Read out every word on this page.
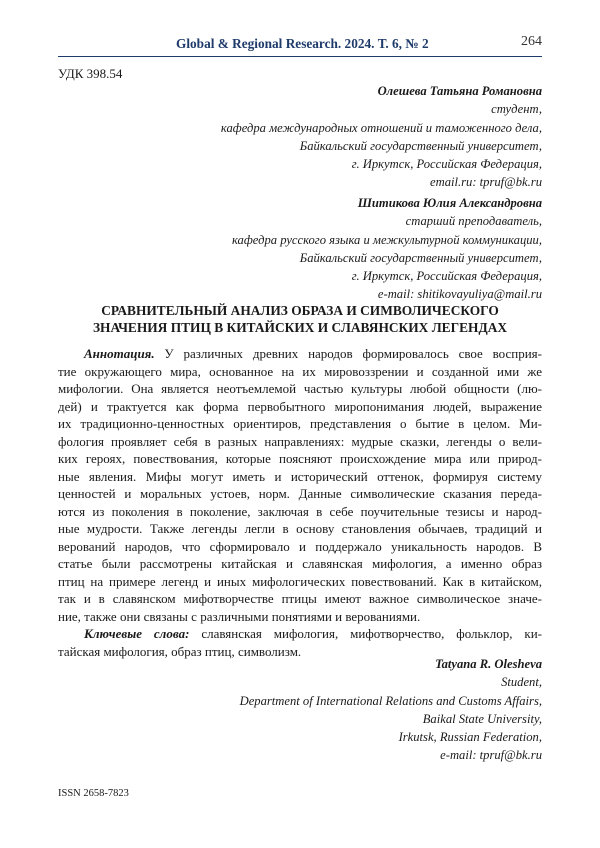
Global & Regional Research. 2024. Т. 6, № 2	264
УДК 398.54
Олешева Татьяна Романовна
студент,
кафедра международных отношений и таможенного дела,
Байкальский государственный университет,
г. Иркутск, Российская Федерация,
email.ru: tpruf@bk.ru
Шитикова Юлия Александровна
старший преподаватель,
кафедра русского языка и межкультурной коммуникации,
Байкальский государственный университет,
г. Иркутск, Российская Федерация,
e-mail: shitikovayuliya@mail.ru
СРАВНИТЕЛЬНЫЙ АНАЛИЗ ОБРАЗА И СИМВОЛИЧЕСКОГО
ЗНАЧЕНИЯ ПТИЦ В КИТАЙСКИХ И СЛАВЯНСКИХ ЛЕГЕНДАХ
Аннотация. У различных древних народов формировалось свое восприя-
тие окружающего мира, основанное на их мировоззрении и созданной ими же
мифологии. Она является неотъемлемой частью культуры любой общности (лю-
дей) и трактуется как форма первобытного миропонимания людей, выражение
их традиционно-ценностных ориентиров, представления о бытие в целом. Ми-
фология проявляет себя в разных направлениях: мудрые сказки, легенды о вели-
ких героях, повествования, которые поясняют происхождение мира или природ-
ные явления. Мифы могут иметь и исторический оттенок, формируя систему
ценностей и моральных устоев, норм. Данные символические сказания переда-
ются из поколения в поколение, заключая в себе поучительные тезисы и народ-
ные мудрости. Также легенды легли в основу становления обычаев, традиций и
верований народов, что сформировало и поддержало уникальность народов. В
статье были рассмотрены китайская и славянская мифология, а именно образ
птиц на примере легенд и иных мифологических повествований. Как в китайском,
так и в славянском мифотворчестве птицы имеют важное символическое значе-
ние, также они связаны с различными понятиями и верованиями.
Ключевые слова: славянская мифология, мифотворчество, фольклор, ки-
тайская мифология, образ птиц, символизм.
Tatyana R. Olesheva
Student,
Department of International Relations and Customs Affairs,
Baikal State University,
Irkutsk, Russian Federation,
e-mail: tpruf@bk.ru
ISSN 2658-7823
